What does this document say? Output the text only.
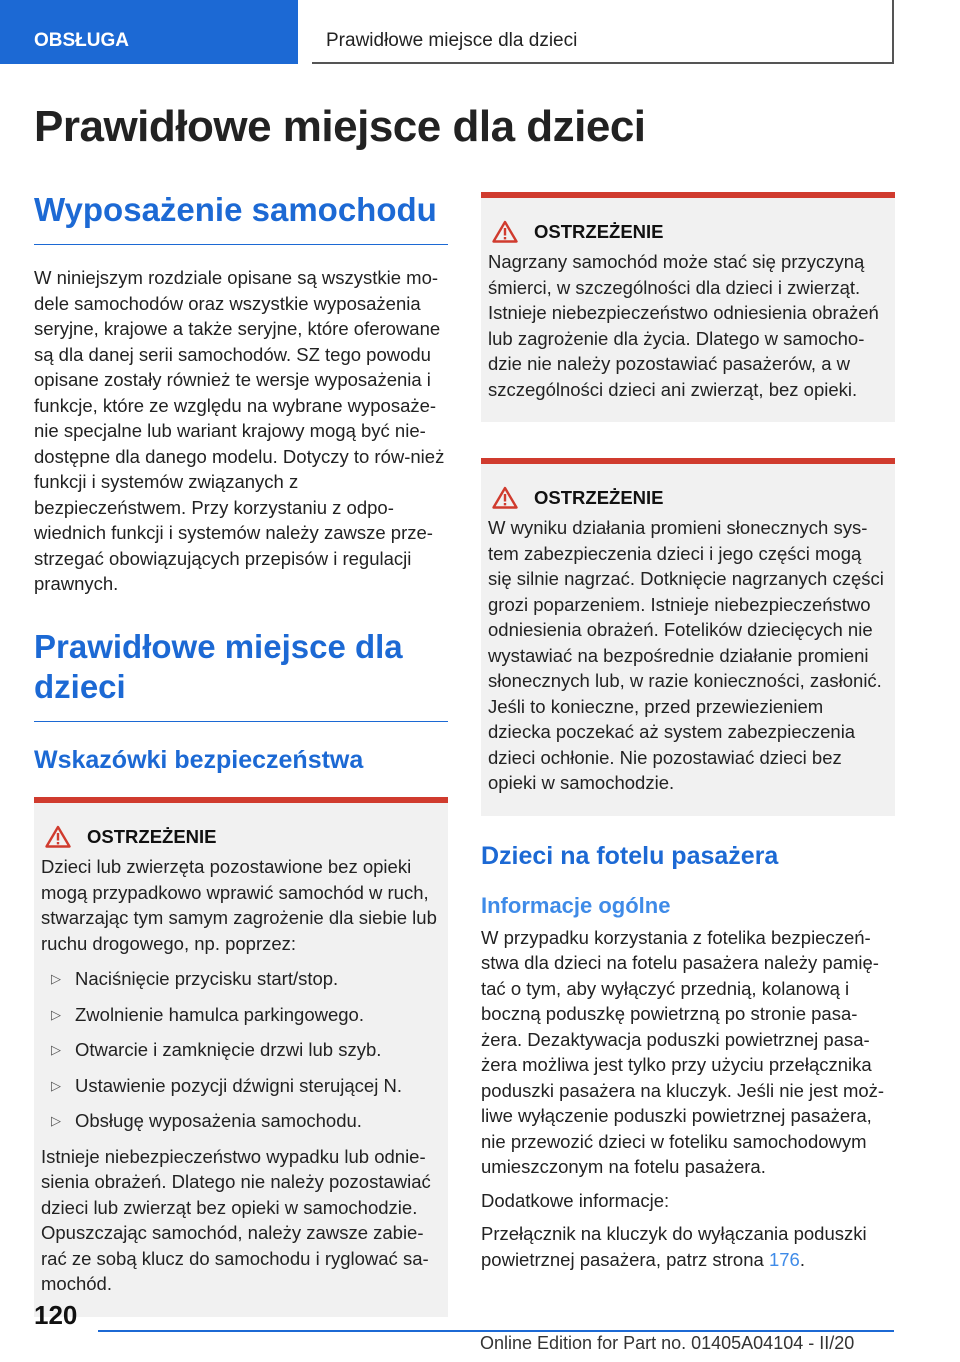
OBSŁUGA	Prawidłowe miejsce dla dzieci
Prawidłowe miejsce dla dzieci
Wyposażenie samochodu

W niniejszym rozdziale opisane są wszystkie mo-dele samochodów oraz wszystkie wyposażenia seryjne, krajowe a także seryjne, które oferowane są dla danej serii samochodów. SZ tego powodu opisane zostały również te wersje wyposażenia i funkcje, które ze względu na wybrane wyposaże-nie specjalne lub wariant krajowy mogą być nie-dostępne dla danego modelu. Dotyczy to rów-nież funkcji i systemów związanych z bezpieczeństwem. Przy korzystaniu z odpo-wiednich funkcji i systemów należy zawsze prze-strzegać obowiązujących przepisów i regulacji prawnych.

Prawidłowe miejsce dla dzieci
Wskazówki bezpieczeństwa
OSTRZEŻENIE

Dzieci lub zwierzęta pozostawione bez opieki mogą przypadkowo wprawić samochód w ruch, stwarzając tym samym zagrożenie dla siebie lub ruchu drogowego, np. poprzez:

▷ Naciśnięcie przycisku start/stop.
▷ Zwolnienie hamulca parkingowego.
▷ Otwarcie i zamknięcie drzwi lub szyb.
▷ Ustawienie pozycji dźwigni sterującej N.
▷ Obsługę wyposażenia samochodu.

Istnieje niebezpieczeństwo wypadku lub odnie-sienia obrażeń. Dlatego nie należy pozostawiać dzieci lub zwierząt bez opieki w samochodzie. Opuszczając samochód, należy zawsze zabie-rać ze sobą klucz do samochodu i ryglować sa-mochód.

OSTRZEŻENIE

Nagrzany samochód może stać się przyczyną śmierci, w szczególności dla dzieci i zwierząt. Istnieje niebezpieczeństwo odniesienia obrażeń lub zagrożenie dla życia. Dlatego w samocho-dzie nie należy pozostawiać pasażerów, a w szczególności dzieci ani zwierząt, bez opieki.

OSTRZEŻENIE

W wyniku działania promieni słonecznych sys-tem zabezpieczenia dzieci i jego części mogą się silnie nagrzać. Dotknięcie nagrzanych części grozi poparzeniem. Istnieje niebezpieczeństwo odniesienia obrażeń. Fotelików dziecięcych nie wystawiać na bezpośrednie działanie promieni słonecznych lub, w razie konieczności, zasłonić. Jeśli to konieczne, przed przewiezieniem dziecka poczekać aż system zabezpieczenia dzieci ochłonie. Nie pozostawiać dzieci bez opieki w samochodzie.

Dzieci na fotelu pasażera
Informacje ogólne

W przypadku korzystania z fotelika bezpieczeń-stwa dla dzieci na fotelu pasażera należy pamię-tać o tym, aby wyłączyć przednią, kolanową i boczną poduszkę powietrzną po stronie pasa-żera. Dezaktywacja poduszki powietrznej pasa-żera możliwa jest tylko przy użyciu przełącznika poduszki pasażera na kluczyk. Jeśli nie jest moż-liwe wyłączenie poduszki powietrznej pasażera, nie przewozić dzieci w foteliku samochodowym umieszczonym na fotelu pasażera.

Dodatkowe informacje:

Przełącznik na kluczyk do wyłączania poduszki powietrznej pasażera, patrz strona 176.

120
Online Edition for Part no. 01405A04104 - II/20
